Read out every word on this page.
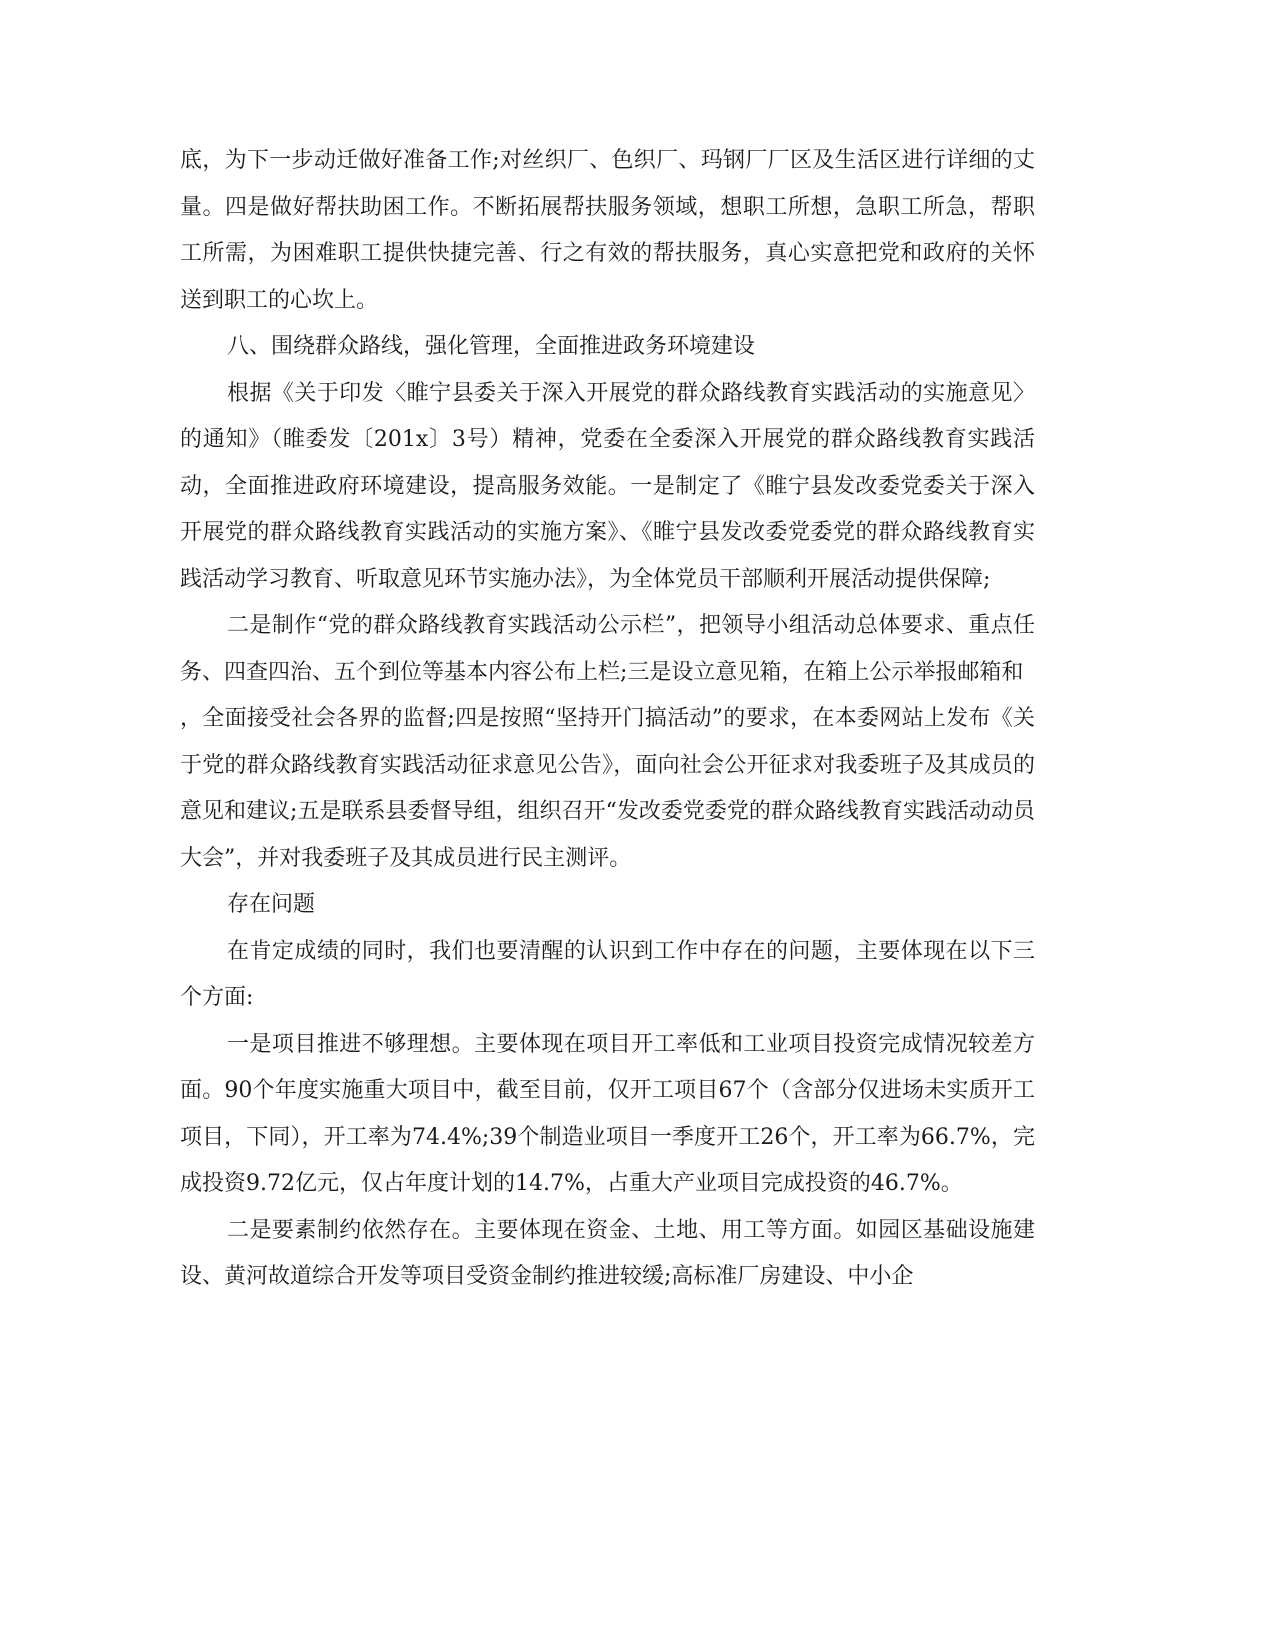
底，为下一步动迁做好准备工作;对丝织厂、色织厂、玛钢厂厂区及生活区进行详细的丈量。四是做好帮扶助困工作。不断拓展帮扶服务领域，想职工所想，急职工所急，帮职工所需，为困难职工提供快捷完善、行之有效的帮扶服务，真心实意把党和政府的关怀送到职工的心坎上。

八、围绕群众路线，强化管理，全面推进政务环境建设

根据《关于印发〈睢宁县委关于深入开展党的群众路线教育实践活动的实施意见〉的通知》（睢委发〔201x〕3号）精神，党委在全委深入开展党的群众路线教育实践活动，全面推进政府环境建设，提高服务效能。一是制定了《睢宁县发改委党委关于深入开展党的群众路线教育实践活动的实施方案》、《睢宁县发改委党委党的群众路线教育实践活动学习教育、听取意见环节实施办法》，为全体党员干部顺利开展活动提供保障;

二是制作“党的群众路线教育实践活动公示栏”，把领导小组活动总体要求、重点任务、四查四治、五个到位等基本内容公布上栏;三是设立意见箱，在箱上公示举报邮箱和

，全面接受社会各界的监督;四是按照“坚持开门搞活动”的要求，在本委网站上发布《关于党的群众路线教育实践活动征求意见公告》，面向社会公开征求对我委班子及其成员的意见和建议;五是联系县委督导组，组织召开“发改委党委党的群众路线教育实践活动动员大会”，并对我委班子及其成员进行民主测评。

存在问题

在肯定成绩的同时，我们也要清醒的认识到工作中存在的问题，主要体现在以下三个方面:

一是项目推进不够理想。主要体现在项目开工率低和工业项目投资完成情况较差方面。90个年度实施重大项目中，截至目前，仅开工项目67个（含部分仅进场未实质开工项目，下同），开工率为74.4%;39个制造业项目一季度开工26个，开工率为66.7%，完成投资9.72亿元，仅占年度计划的14.7%，占重大产业项目完成投资的46.7%。

二是要素制约依然存在。主要体现在资金、土地、用工等方面。如园区基础设施建设、黄河故道综合开发等项目受资金制约推进较缓;高标准厂房建设、中小企
